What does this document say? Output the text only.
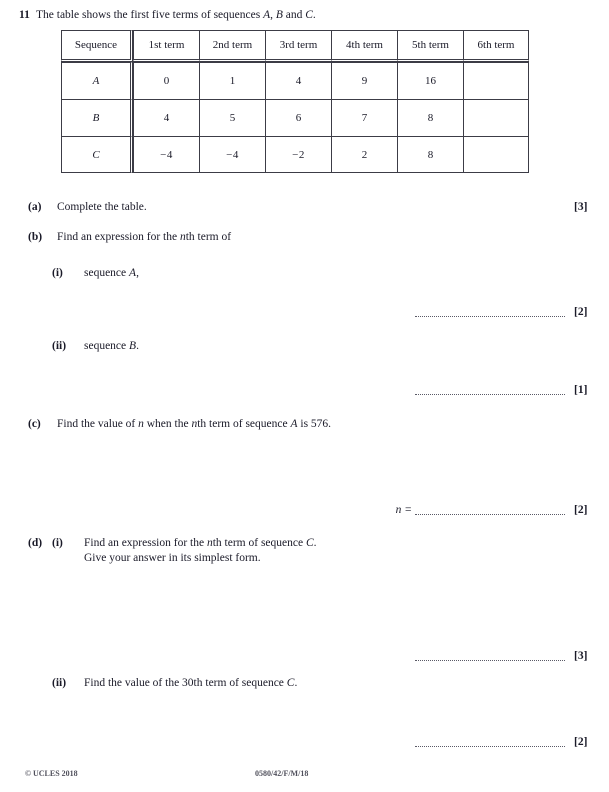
11 The table shows the first five terms of sequences A, B and C.
Sequence	1st term	2nd term	3rd term	4th term	5th term	6th term
A	0	1	4	9	16	
B	4	5	6	7	8	
C	−4	−4	−2	2	8	
(a) Complete the table.	[3]
(b) Find an expression for the nth term of
(i) sequence A,
[2]
(ii) sequence B.
[1]
(c) Find the value of n when the nth term of sequence A is 576.
n =	[2]
(d) (i) Find an expression for the nth term of sequence C.
Give your answer in its simplest form.
[3]
(ii) Find the value of the 30th term of sequence C.
[2]
© UCLES 2018	0580/42/F/M/18
